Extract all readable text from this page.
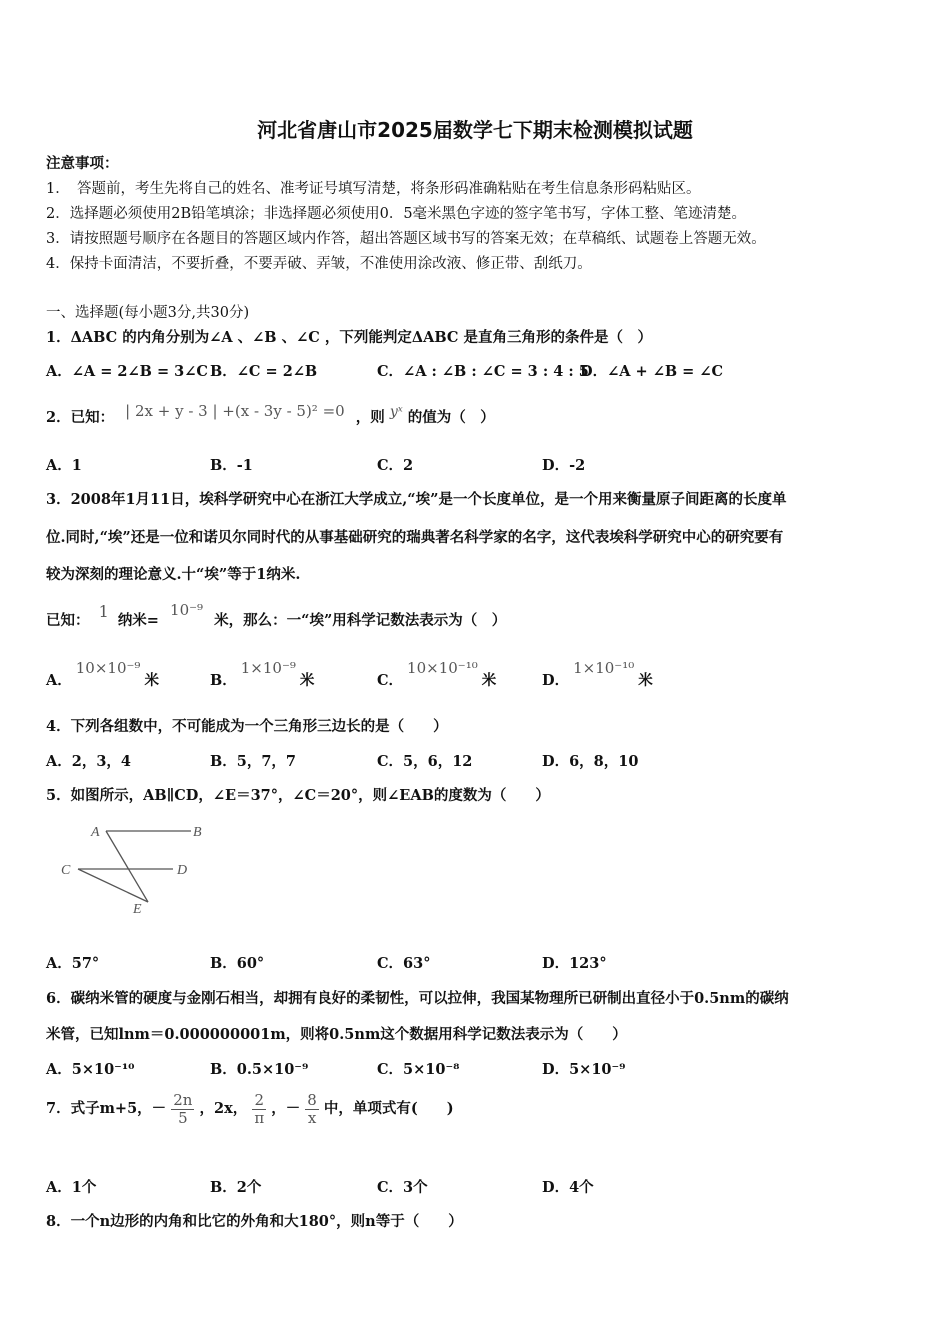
河北省唐山市2025届数学七下期末检测模拟试题
注意事项：
1．　答题前，考生先将自己的姓名、准考证号填写清楚，将条形码准确粘贴在考生信息条形码粘贴区。
2．选择题必须使用2B铅笔填涂；非选择题必须使用0．5毫米黑色字迹的签字笔书写，字体工整、笔迹清楚。
3．请按照题号顺序在各题目的答题区域内作答，超出答题区域书写的答案无效；在草稿纸、试题卷上答题无效。
4．保持卡面清洁，不要折叠，不要弄破、弄皱，不准使用涂改液、修正带、刮纸刀。
一、选择题(每小题3分,共30分)
1．ΔABC 的内角分别为∠A 、∠B 、∠C ，下列能判定ΔABC 是直角三角形的条件是（　）
A．∠A = 2∠B = 3∠C B．∠C = 2∠B	C．∠A : ∠B : ∠C = 3 : 4 : 5
D．∠A + ∠B = ∠C
2．已知： | 2x + y - 3 | +(x - 3y - 5)² =0 ，则 yˣ 的值为（　）
A．1	B．-1	C．2	D．-2
3．2008年1月11日，埃科学研究中心在浙江大学成立,“埃”是一个长度单位，是一个用来衡量原子间距离的长度单
位.同时,“埃”还是一位和诺贝尔同时代的从事基础研究的瑞典著名科学家的名字，这代表埃科学研究中心的研究要有
较为深刻的理论意义.十“埃”等于1纳米.
已知： 1 纳米= 10⁻⁹ 米，那么：一“埃”用科学记数法表示为（　）
A．10×10⁻⁹米	B．1×10⁻⁹米	C．10×10⁻¹⁰米	D．1×10⁻¹⁰米
4．下列各组数中，不可能成为一个三角形三边长的是（　　）
A．2，3，4	B．5，7，7	C．5，6，12	D．6，8，10
5．如图所示，AB∥CD，∠E＝37°，∠C＝20°，则∠EAB的度数为（　　）
A	B
C	D
E
A．57°	B．60°	C．63°	D．123°
6．碳纳米管的硬度与金刚石相当，却拥有良好的柔韧性，可以拉伸，我国某物理所已研制出直径小于0.5nm的碳纳
米管，已知lnm＝0.000000001m，则将0.5nm这个数据用科学记数法表示为（　　）
A．5×10⁻¹⁰	B．0.5×10⁻⁹	C．5×10⁻⁸	D．5×10⁻⁹
7．式子m+5，－ $\frac{2n}{5}$ ，2x， $\frac{2}{\pi}$ ，－ $\frac{8}{x}$ 中，单项式有(　　)
A．1个	B．2个	C．3个	D．4个
8．一个n边形的内角和比它的外角和大180°，则n等于（　　）
